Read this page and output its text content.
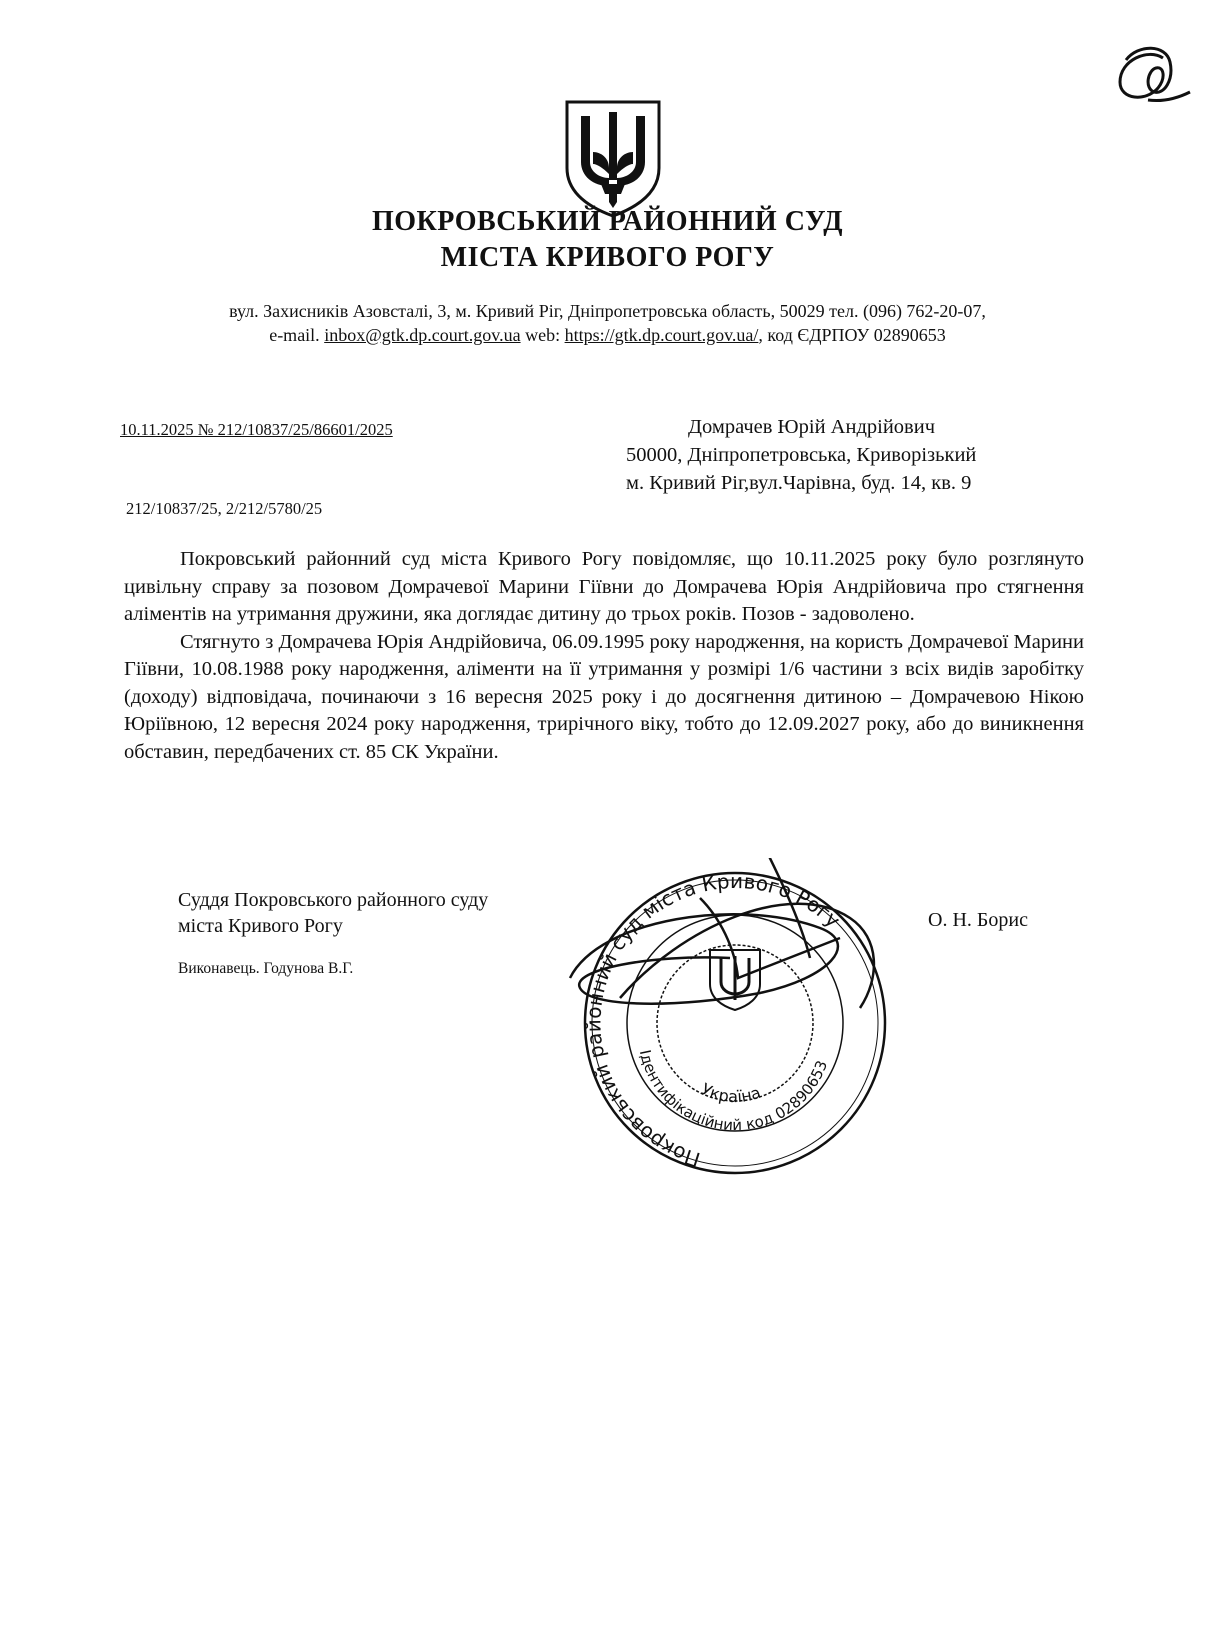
ПОКРОВСЬКИЙ РАЙОННИЙ СУД
МІСТА КРИВОГО РОГУ
вул. Захисників Азовсталі, 3, м. Кривий Ріг, Дніпропетровська область, 50029 тел. (096) 762-20-07,
e-mail. inbox@gtk.dp.court.gov.ua web: https://gtk.dp.court.gov.ua/, код ЄДРПОУ 02890653
10.11.2025 № 212/10837/25/86601/2025	Домрачев Юрій Андрійович
50000, Дніпропетровська, Криворізький
м. Кривий Ріг,вул.Чарівна, буд. 14, кв. 9
212/10837/25, 2/212/5780/25

Покровський районний суд міста Кривого Рогу повідомляє, що 10.11.2025 року було розглянуто цивільну справу за позовом Домрачевої Марини Гіївни до Домрачева Юрія Андрійовича про стягнення аліментів на утримання дружини, яка доглядає дитину до трьох років. Позов - задоволено.

Стягнуто з Домрачева Юрія Андрійовича, 06.09.1995 року народження, на користь Домрачевої Марини Гіївни, 10.08.1988 року народження, аліменти на її утримання у розмірі 1/6 частини з всіх видів заробітку (доходу) відповідача, починаючи з 16 вересня 2025 року і до досягнення дитиною – Домрачевою Нікою Юріївною, 12 вересня 2024 року народження, трирічного віку, тобто до 12.09.2027 року, або до виникнення обставин, передбачених ст. 85 СК України.

Суддя Покровського районного суду
міста Кривого Рогу
Виконавець. Годунова В.Г.
О. Н. Борис
Покровський районний суд міста Кривого Рогу
Ідентифікаційний код 02890653
Україна
